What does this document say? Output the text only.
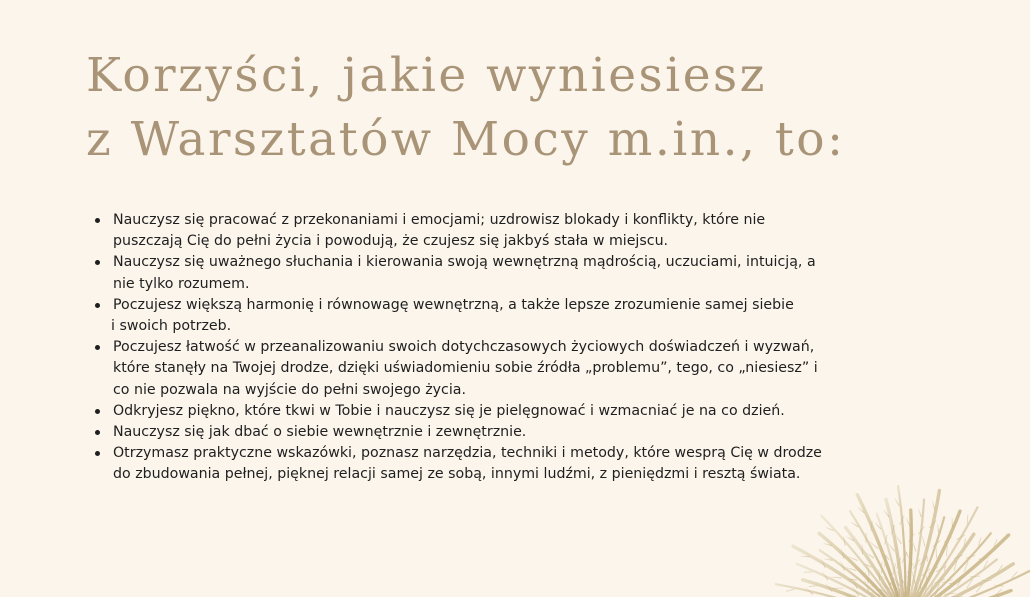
Korzyści, jakie wyniesiesz
z Warsztatów Mocy m.in., to:
Nauczysz się pracować z przekonaniami i emocjami; uzdrowisz blokady i konflikty, które nie
puszczają Cię do pełni życia i powodują, że czujesz się jakbyś stała w miejscu.
Nauczysz się uważnego słuchania i kierowania swoją wewnętrzną mądrością, uczuciami, intuicją, a
nie tylko rozumem.
Poczujesz większą harmonię i równowagę wewnętrzną, a także lepsze zrozumienie samej siebie
i swoich potrzeb.
Poczujesz łatwość w przeanalizowaniu swoich dotychczasowych życiowych doświadczeń i wyzwań,
które stanęły na Twojej drodze, dzięki uświadomieniu sobie źródła „problemu”, tego, co „niesiesz” i
co nie pozwala na wyjście do pełni swojego życia.
Odkryjesz piękno, które tkwi w Tobie i nauczysz się je pielęgnować i wzmacniać je na co dzień.
Nauczysz się jak dbać o siebie wewnętrznie i zewnętrznie.
Otrzymasz praktyczne wskazówki, poznasz narzędzia, techniki i metody, które wesprą Cię w drodze
do zbudowania pełnej, pięknej relacji samej ze sobą, innymi ludźmi, z pieniędzmi i resztą świata.
